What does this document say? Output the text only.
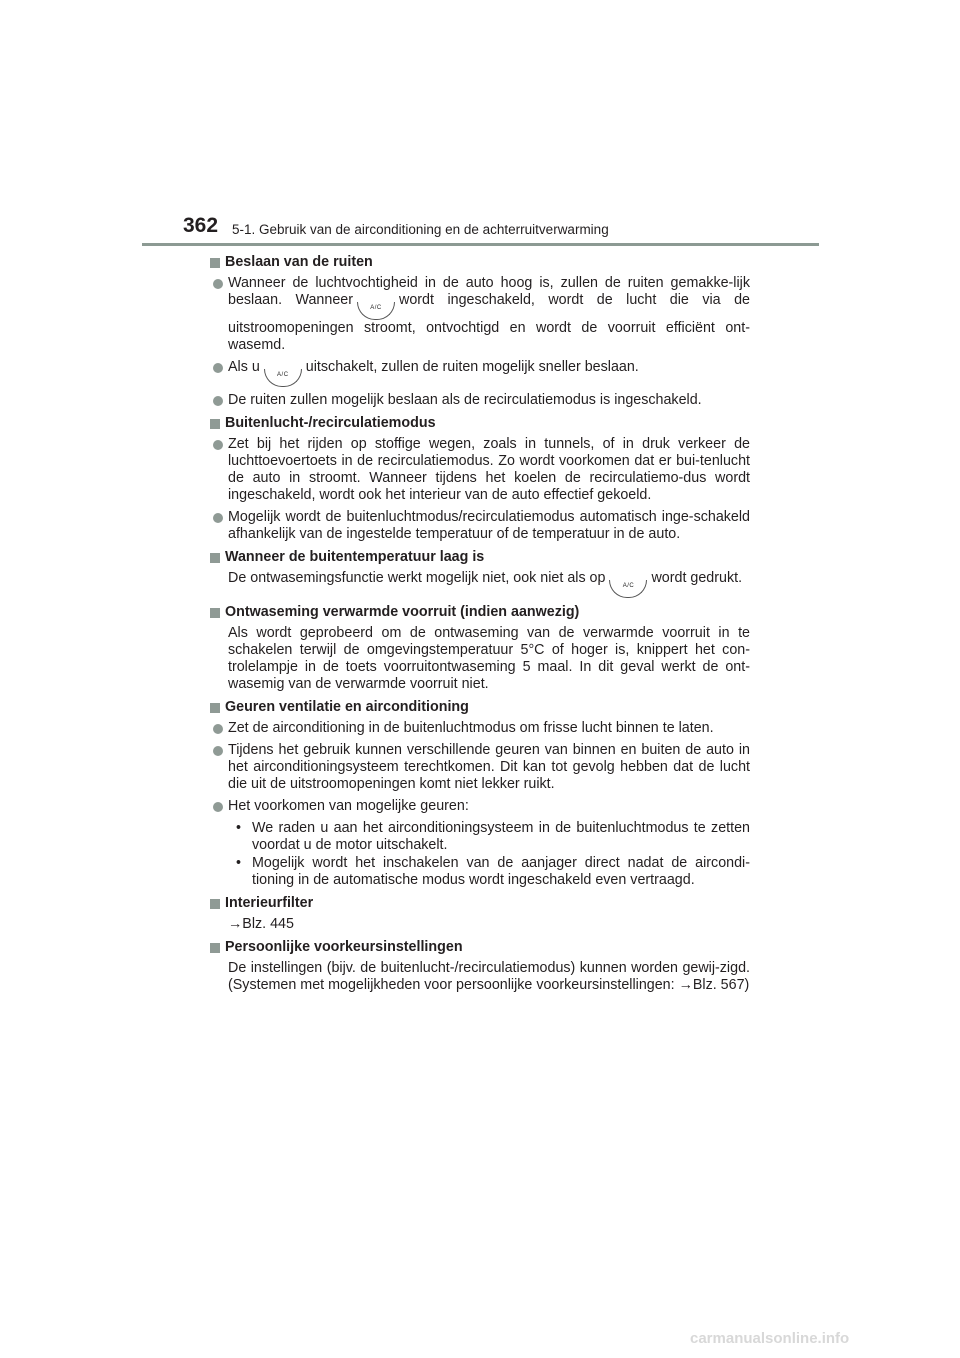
362 5-1. Gebruik van de airconditioning en de achterruitverwarming
Beslaan van de ruiten
Wanneer de luchtvochtigheid in de auto hoog is, zullen de ruiten gemakke-lijk beslaan. Wanneer	A/C wordt ingeschakeld, wordt de lucht die via de uitstroomopeningen stroomt, ontvochtigd en wordt de voorruit efficiënt ont-wasemd.
Als u	A/C uitschakelt, zullen de ruiten mogelijk sneller beslaan.
De ruiten zullen mogelijk beslaan als de recirculatiemodus is ingeschakeld.
Buitenlucht-/recirculatiemodus
Zet bij het rijden op stoffige wegen, zoals in tunnels, of in druk verkeer de luchttoevoertoets in de recirculatiemodus. Zo wordt voorkomen dat er bui-tenlucht de auto in stroomt. Wanneer tijdens het koelen de recirculatiemo-dus wordt ingeschakeld, wordt ook het interieur van de auto effectief gekoeld.
Mogelijk wordt de buitenluchtmodus/recirculatiemodus automatisch inge-schakeld afhankelijk van de ingestelde temperatuur of de temperatuur in de auto.
Wanneer de buitentemperatuur laag is
De ontwasemingsfunctie werkt mogelijk niet, ook niet als op	A/C wordt gedrukt.
Ontwaseming verwarmde voorruit (indien aanwezig)
Als wordt geprobeerd om de ontwaseming van de verwarmde voorruit in te schakelen terwijl de omgevingstemperatuur 5°C of hoger is, knippert het con-trolelampje in de toets voorruitontwaseming 5 maal. In dit geval werkt de ont-wasemig van de verwarmde voorruit niet.
Geuren ventilatie en airconditioning
Zet de airconditioning in de buitenluchtmodus om frisse lucht binnen te laten.
Tijdens het gebruik kunnen verschillende geuren van binnen en buiten de auto in het airconditioningsysteem terechtkomen. Dit kan tot gevolg hebben dat de lucht die uit de uitstroomopeningen komt niet lekker ruikt.
Het voorkomen van mogelijke geuren:
• We raden u aan het airconditioningsysteem in de buitenluchtmodus te zetten voordat u de motor uitschakelt.
• Mogelijk wordt het inschakelen van de aanjager direct nadat de aircondi-tioning in de automatische modus wordt ingeschakeld even vertraagd.
Interieurfilter
→Blz. 445
Persoonlijke voorkeursinstellingen
De instellingen (bijv. de buitenlucht-/recirculatiemodus) kunnen worden gewij-zigd. (Systemen met mogelijkheden voor persoonlijke voorkeursinstellingen: →Blz. 567)
carmanualsonline.info
